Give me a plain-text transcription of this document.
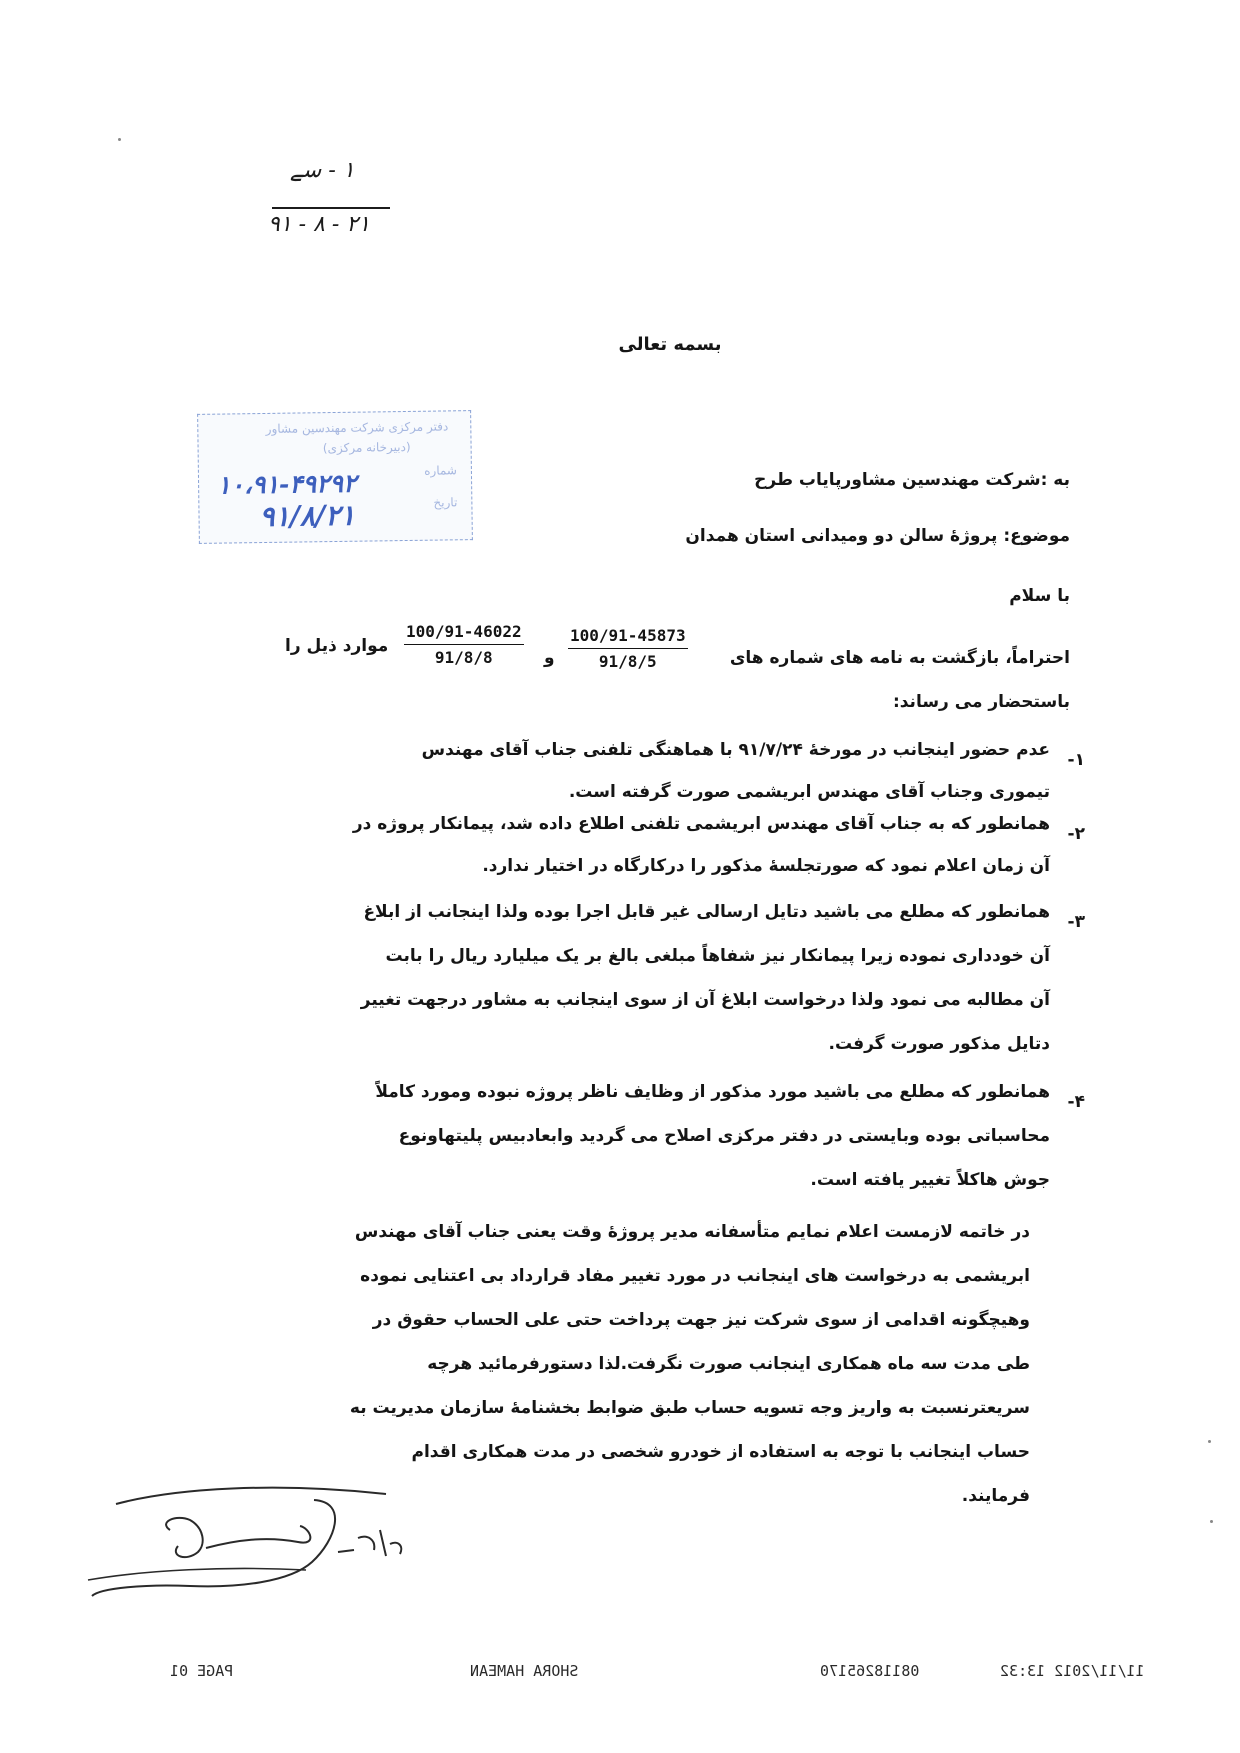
۱ - سے
۹۱ - ۸ - ۲۱
بسمه تعالی
دفتر مرکزی شرکت مهندسین مشاور
(دبیرخانه مرکزی)
شماره
تاریخ
۱۰،۹۱-۴۹۲۹۲
۹۱/۸/۲۱
به :شرکت مهندسین مشاورپایاب طرح
موضوع: پروژهٔ سالن دو ومیدانی استان همدان
با سلام
احتراماً، بازگشت به نامه های شماره های
$\frac{100/91-45873}{91/8/5}$
و
$\frac{100/91-46022}{91/8/8}$
موارد ذیل را
باستحضار می رساند:
۱-
عدم حضور اینجانب در مورخهٔ ۹۱/۷/۲۴ با هماهنگی تلفنی جناب آقای مهندس
تیموری وجناب آقای مهندس ابریشمی صورت گرفته است.
۲-
همانطور که به جناب آقای مهندس ابریشمی تلفنی اطلاع داده شد، پیمانکار پروژه در
آن زمان اعلام نمود که صورتجلسهٔ مذکور را درکارگاه در اختیار ندارد.
۳-
همانطور که مطلع می باشید دتایل ارسالی غیر قابل اجرا بوده ولذا اینجانب از ابلاغ
آن خودداری نموده زیرا پیمانکار نیز شفاهاً مبلغی بالغ بر یک میلیارد ریال را بابت
آن مطالبه می نمود ولذا درخواست ابلاغ آن از سوی اینجانب به مشاور درجهت تغییر
دتایل مذکور صورت گرفت.
۴-
همانطور که مطلع می باشید مورد مذکور از وظایف ناظر پروژه نبوده ومورد کاملاً
محاسباتی بوده وبایستی در دفتر مرکزی اصلاح می گردید وابعادبیس پلیتهاونوع
جوش هاکلاً تغییر یافته است.
در خاتمه لازمست اعلام نمایم متأسفانه مدیر پروژهٔ وقت یعنی جناب آقای مهندس
ابریشمی به درخواست های اینجانب در مورد تغییر مفاد قرارداد بی اعتنایی نموده
وهیچگونه اقدامی از سوی شرکت نیز جهت پرداخت حتی علی الحساب حقوق در
طی مدت سه ماه همکاری اینجانب صورت نگرفت.لذا دستورفرمائید هرچه
سریعترنسبت به واریز وجه تسویه حساب طبق ضوابط بخشنامهٔ سازمان مدیریت به
حساب اینجانب با توجه به استفاده از خودرو شخصی در مدت همکاری اقدام
فرمایند.
11/11/2012 13:32
08118265170
SHORA HAMEAN
PAGE 01
